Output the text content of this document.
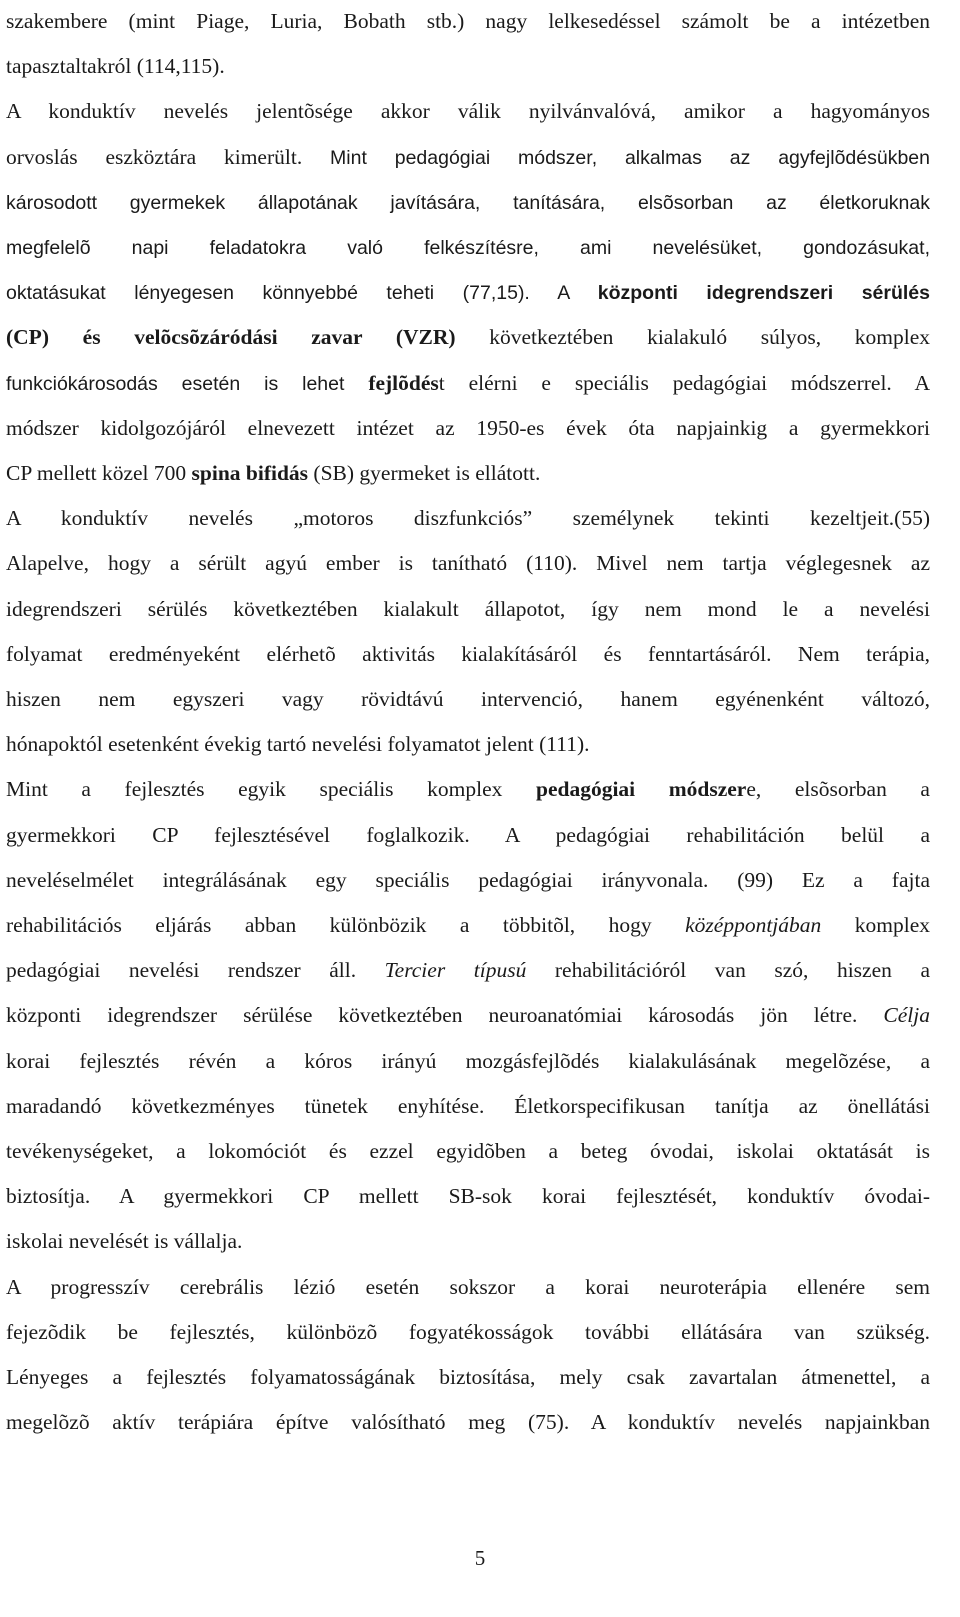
szakembere (mint Piage, Luria, Bobath stb.) nagy lelkesedéssel számolt be a intézetben
tapasztaltakról (114,115).
A konduktív nevelés jelentõsége akkor válik nyilvánvalóvá, amikor a hagyományos
orvoslás eszköztára kimerült. Mint pedagógiai módszer, alkalmas az agyfejlõdésükben
károsodott gyermekek állapotának javítására, tanítására, elsõsorban az életkoruknak
megfelelõ napi feladatokra való felkészítésre, ami nevelésüket, gondozásukat,
oktatásukat lényegesen könnyebbé teheti (77,15). A központi idegrendszeri sérülés
(CP) és velõcsõzáródási zavar (VZR) következtében kialakuló súlyos, komplex
funkciókárosodás esetén is lehet fejlõdést elérni e speciális pedagógiai módszerrel. A
módszer kidolgozójáról elnevezett intézet az 1950-es évek óta napjainkig a gyermekkori
CP mellett közel 700 spina bifidás (SB) gyermeket is ellátott.
A konduktív nevelés „motoros diszfunkciós” személynek tekinti kezeltjeit.(55)
Alapelve, hogy a sérült agyú ember is tanítható (110). Mivel nem tartja véglegesnek az
idegrendszeri sérülés következtében kialakult állapotot, így nem mond le a nevelési
folyamat eredményeként elérhetõ aktivitás kialakításáról és fenntartásáról. Nem terápia,
hiszen nem egyszeri vagy rövidtávú intervenció, hanem egyénenként változó,
hónapoktól esetenként évekig tartó nevelési folyamatot jelent (111).
Mint a fejlesztés egyik speciális komplex pedagógiai módszere, elsõsorban a
gyermekkori CP fejlesztésével foglalkozik. A pedagógiai rehabilitáción belül a
neveléselmélet integrálásának egy speciális pedagógiai irányvonala. (99) Ez a fajta
rehabilitációs eljárás abban különbözik a többitõl, hogy középpontjában komplex
pedagógiai nevelési rendszer áll. Tercier típusú rehabilitációról van szó, hiszen a
központi idegrendszer sérülése következtében neuroanatómiai károsodás jön létre. Célja
korai fejlesztés révén a kóros irányú mozgásfejlõdés kialakulásának megelõzése, a
maradandó következményes tünetek enyhítése. Életkorspecifikusan tanítja az önellátási
tevékenységeket, a lokomóciót és ezzel egyidõben a beteg óvodai, iskolai oktatását is
biztosítja. A gyermekkori CP mellett SB-sok korai fejlesztését, konduktív óvodai-
iskolai nevelését is vállalja.
A progresszív cerebrális lézió esetén sokszor a korai neuroterápia ellenére sem
fejezõdik be fejlesztés, különbözõ fogyatékosságok további ellátására van szükség.
Lényeges a fejlesztés folyamatosságának biztosítása, mely csak zavartalan átmenettel, a
megelõzõ aktív terápiára építve valósítható meg (75). A konduktív nevelés napjainkban
5
